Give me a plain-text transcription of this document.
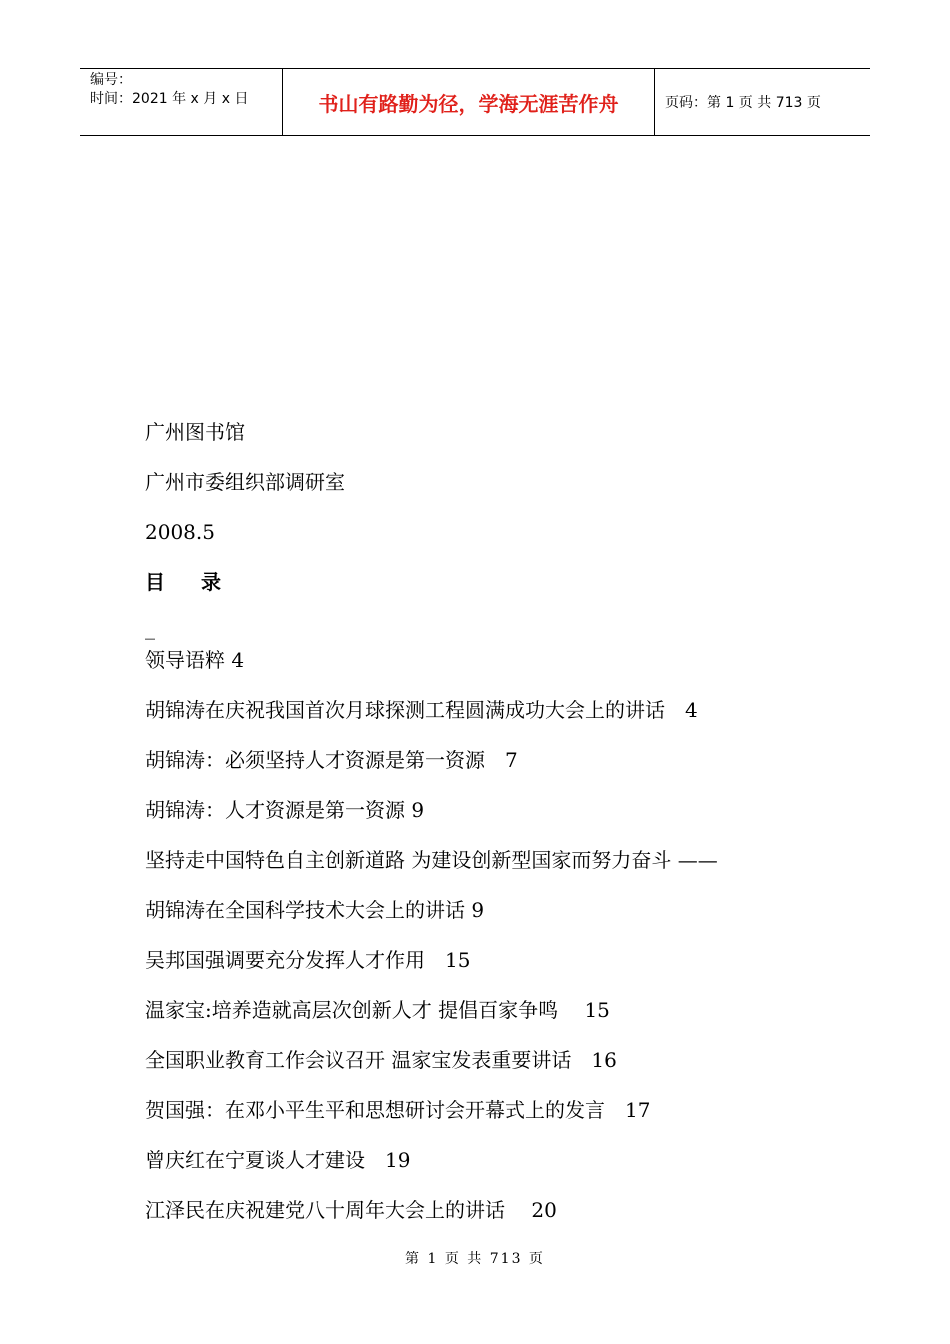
编号：
时间：2021 年 x 月 x 日	书山有路勤为径，学海无涯苦作舟	页码：第 1 页 共 713 页
广州图书馆
广州市委组织部调研室
2008.5
目 录
_
领导语粹 4
胡锦涛在庆祝我国首次月球探测工程圆满成功大会上的讲话　4
胡锦涛：必须坚持人才资源是第一资源　7
胡锦涛：人才资源是第一资源 9
坚持走中国特色自主创新道路 为建设创新型国家而努力奋斗 ——
胡锦涛在全国科学技术大会上的讲话 9
吴邦国强调要充分发挥人才作用　15
温家宝:培养造就高层次创新人才 提倡百家争鸣　 15
全国职业教育工作会议召开 温家宝发表重要讲话　16
贺国强：在邓小平生平和思想研讨会开幕式上的发言　17
曾庆红在宁夏谈人才建设　19
江泽民在庆祝建党八十周年大会上的讲话　 20
第 1 页 共 713 页
